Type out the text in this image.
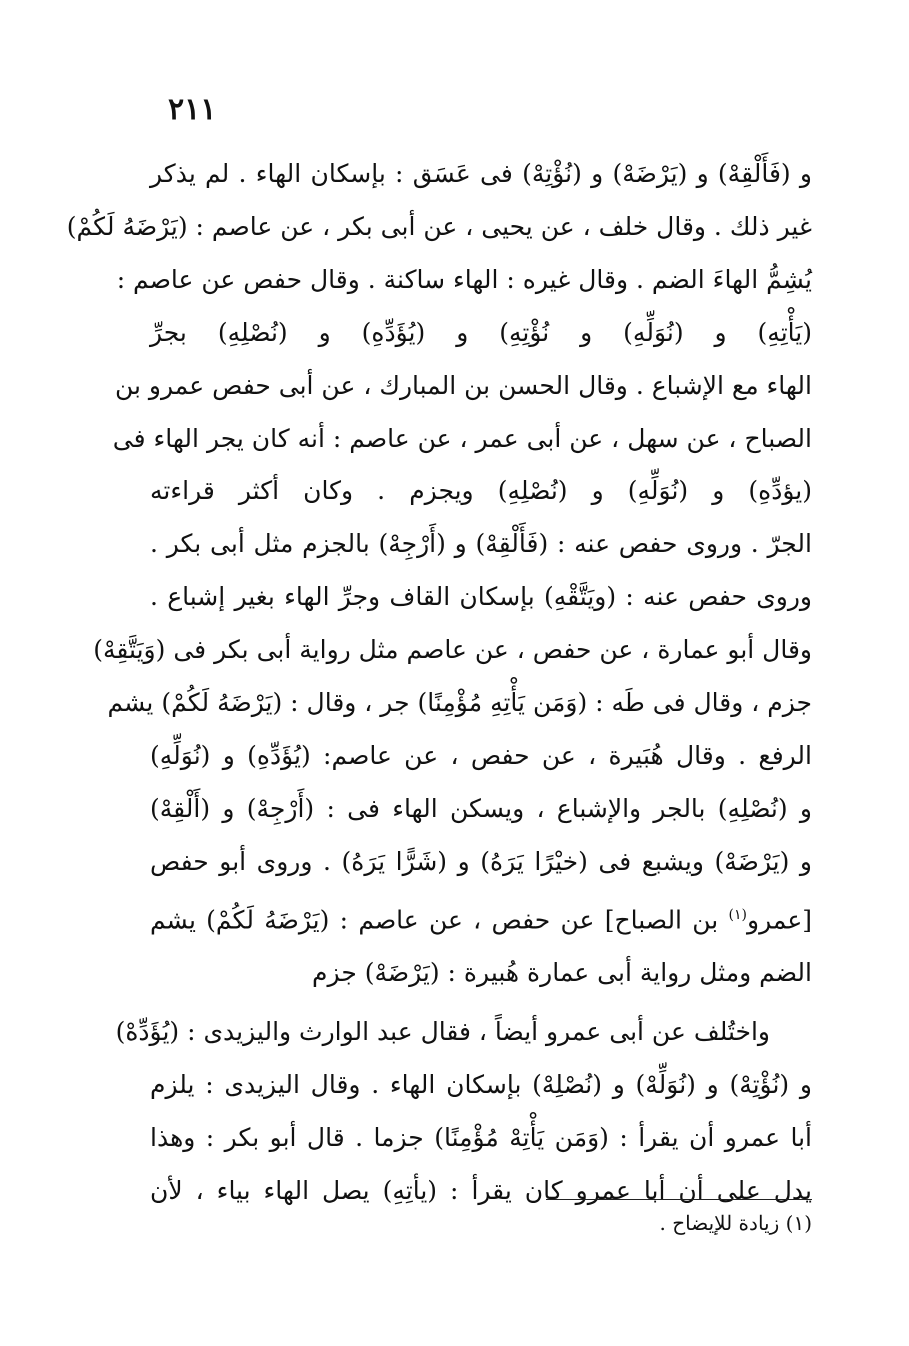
٢١١
و (فَأَلْقِهْ) و (يَرْضَهْ) و (نُؤْتِهْ) فى عَسَق : بإسكان الهاء . لم يذكر
غير ذلك . وقال خلف ، عن يحيى ، عن أبى بكر ، عن عاصم : (يَرْضَهُ لَكُمْ)
يُشِمُّ الهاءَ الضم . وقال غيره : الهاء ساكنة . وقال حفص عن عاصم :
(يَأْتِهِ) و (نُوَلِّهِ) و نُؤْتِهِ) و (يُؤَدِّهِ) و (نُصْلِهِ) بجرِّ
الهاء مع الإشباع . وقال الحسن بن المبارك ، عن أبى حفص عمرو بن
الصباح ، عن سهل ، عن أبى عمر ، عن عاصم : أنه كان يجر الهاء فى
(يؤدِّهِ) و (نُوَلِّهِ) و (نُصْلِهِ) ويجزم . وكان أكثر قراءته
الجرّ . وروى حفص عنه : (فَأَلْقِهْ) و (أَرْجِهْ) بالجزم مثل أبى بكر .
وروى حفص عنه : (ويَتَّقْهِ) بإسكان القاف وجرِّ الهاء بغير إشباع .
وقال أبو عمارة ، عن حفص ، عن عاصم مثل رواية أبى بكر فى (وَيَتَّقِهْ)
جزم ، وقال فى طَه : (وَمَن يَأْتِهِ مُؤْمِنًا) جر ، وقال : (يَرْضَهُ لَكُمْ) يشم
الرفع . وقال هُبَيرة ، عن حفص ، عن عاصم: (يُؤَدِّهِ) و (نُوَلِّهِ)
و (نُصْلِهِ) بالجر والإشباع ، ويسكن الهاء فى : (أَرْجِهْ) و (أَلْقِهْ)
و (يَرْضَهْ) ويشبع فى (خيْرًا يَرَهُ) و (شَرًّا يَرَهُ) . وروى أبو حفص
[عمرو$^{(١)}$ بن الصباح] عن حفص ، عن عاصم : (يَرْضَهُ لَكُمْ) يشم
الضم ومثل رواية أبى عمارة هُبيرة : (يَرْضَهْ) جزم
واختُلف عن أبى عمرو أيضاً ، فقال عبد الوارث واليزيدى : (يُؤَدِّهْ)
و (نُؤْتِهْ) و (نُوَلِّهْ) و (نُصْلِهْ) بإسكان الهاء . وقال اليزيدى : يلزم
أبا عمرو أن يقرأ : (وَمَن يَأْتِهْ مُؤْمِنًا) جزما . قال أبو بكر : وهذا
يدل على أن أبا عمرو كان يقرأ : (يأتِهِ) يصل الهاء بياء ، لأن
(١) زيادة للإيضاح .
